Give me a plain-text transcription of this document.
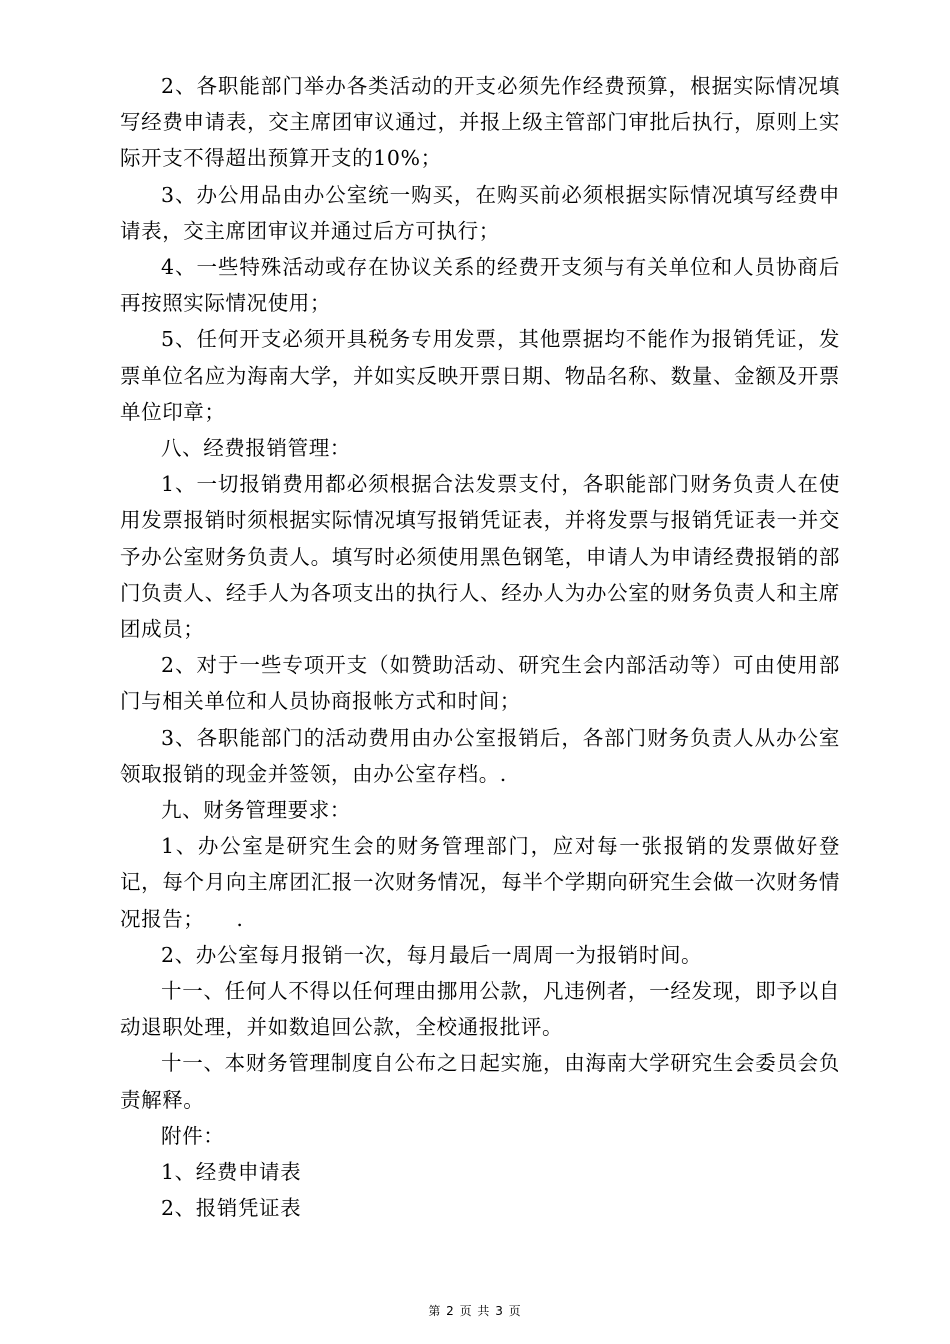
2、各职能部门举办各类活动的开支必须先作经费预算，根据实际情况填写经费申请表，交主席团审议通过，并报上级主管部门审批后执行，原则上实际开支不得超出预算开支的10%；

3、办公用品由办公室统一购买，在购买前必须根据实际情况填写经费申请表，交主席团审议并通过后方可执行；

4、一些特殊活动或存在协议关系的经费开支须与有关单位和人员协商后再按照实际情况使用；

5、任何开支必须开具税务专用发票，其他票据均不能作为报销凭证，发票单位名应为海南大学，并如实反映开票日期、物品名称、数量、金额及开票单位印章；

八、经费报销管理：

1、一切报销费用都必须根据合法发票支付，各职能部门财务负责人在使用发票报销时须根据实际情况填写报销凭证表，并将发票与报销凭证表一并交予办公室财务负责人。填写时必须使用黑色钢笔，申请人为申请经费报销的部门负责人、经手人为各项支出的执行人、经办人为办公室的财务负责人和主席团成员；

2、对于一些专项开支（如赞助活动、研究生会内部活动等）可由使用部门与相关单位和人员协商报帐方式和时间；

3、各职能部门的活动费用由办公室报销后，各部门财务负责人从办公室领取报销的现金并签领，由办公室存档。.

九、财务管理要求：

1、办公室是研究生会的财务管理部门，应对每一张报销的发票做好登记，每个月向主席团汇报一次财务情况，每半个学期向研究生会做一次财务情况报告；　　.

2、办公室每月报销一次，每月最后一周周一为报销时间。

十一、任何人不得以任何理由挪用公款，凡违例者，一经发现，即予以自动退职处理，并如数追回公款，全校通报批评。

十一、本财务管理制度自公布之日起实施，由海南大学研究生会委员会负责解释。

附件：

1、经费申请表

2、报销凭证表

第 2 页 共 3 页
